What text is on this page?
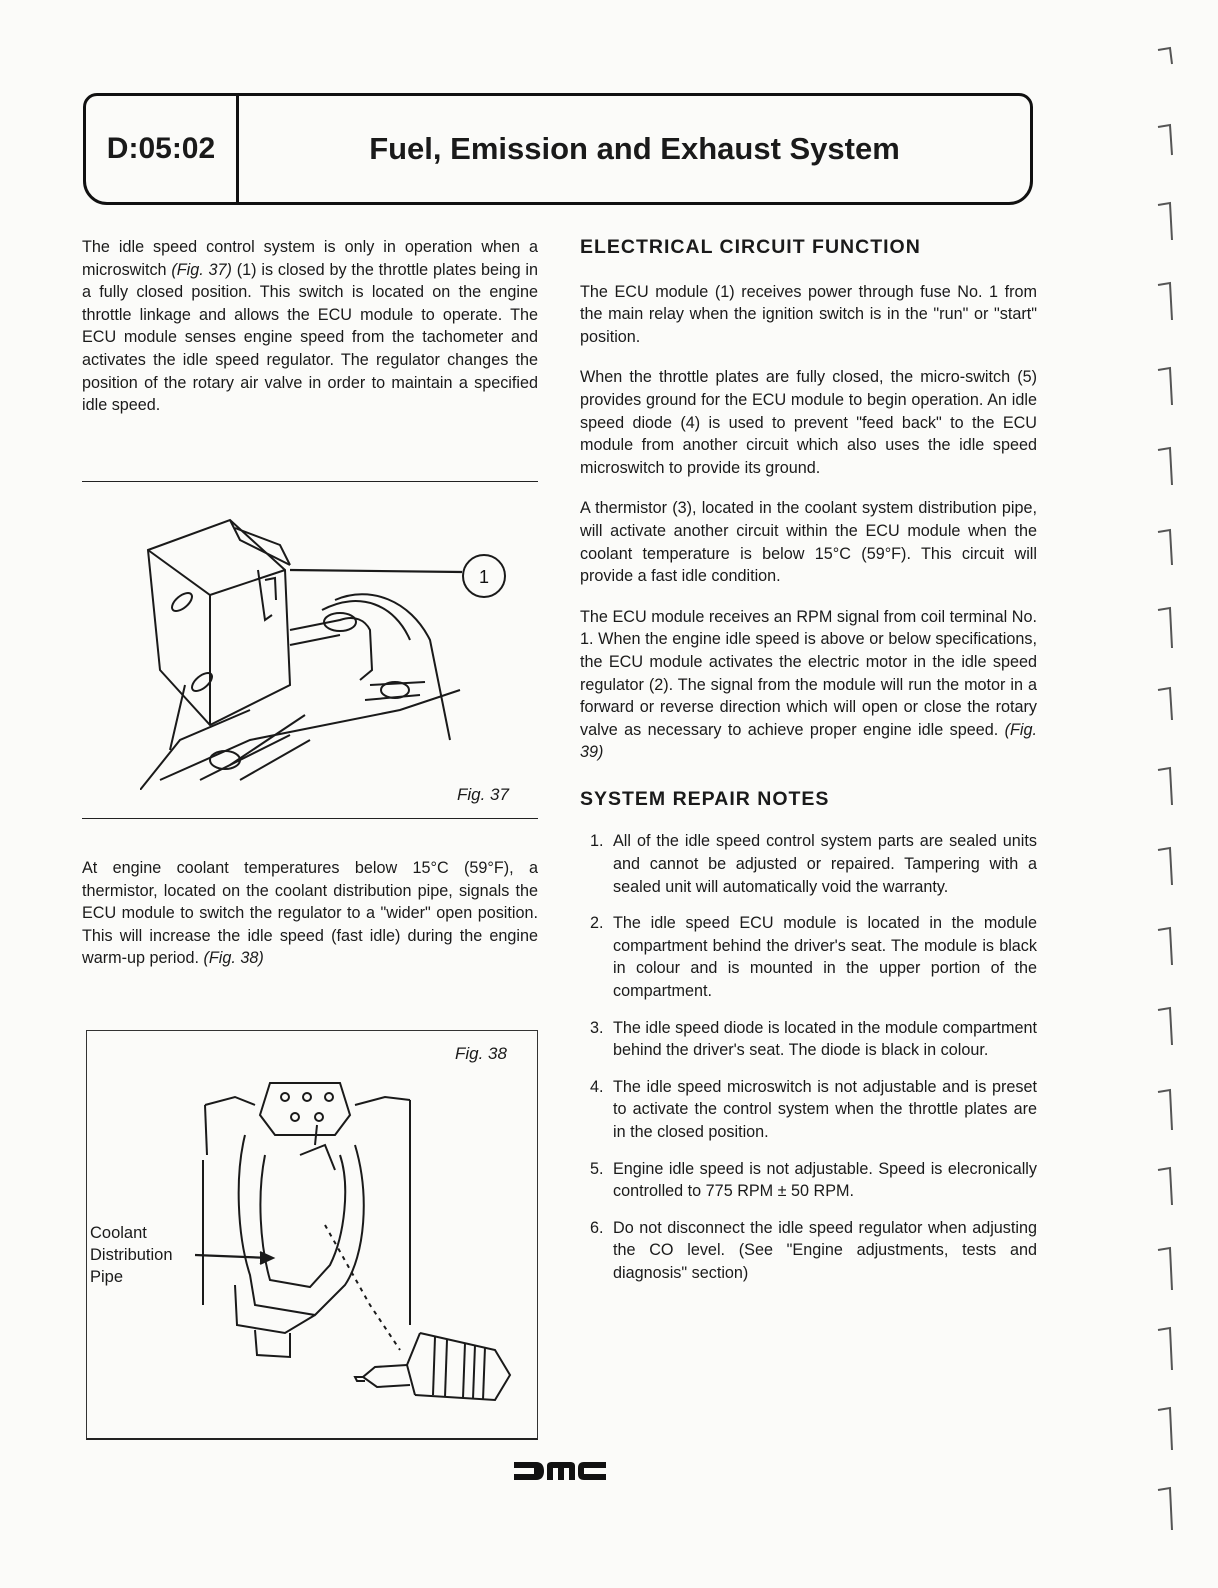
D:05:02	Fuel, Emission and Exhaust System

The idle speed control system is only in operation when a microswitch (Fig. 37) (1) is closed by the throttle plates being in a fully closed position. This switch is located on the engine throttle linkage and allows the ECU module to operate. The ECU module senses engine speed from the tachometer and activates the idle speed regulator. The regulator changes the position of the rotary air valve in order to maintain a specified idle speed.

1
Fig. 37

At engine coolant temperatures below 15°C (59°F), a thermistor, located on the coolant distribution pipe, signals the ECU module to switch the regulator to a "wider" open position. This will increase the idle speed (fast idle) during the engine warm-up period. (Fig. 38)

Fig. 38
Coolant
Distribution
Pipe
ELECTRICAL CIRCUIT FUNCTION

The ECU module (1) receives power through fuse No. 1 from the main relay when the ignition switch is in the "run" or "start" position.

When the throttle plates are fully closed, the micro-switch (5) provides ground for the ECU module to begin operation. An idle speed diode (4) is used to prevent "feed back" to the ECU module from another circuit which also uses the idle speed microswitch to provide its ground.

A thermistor (3), located in the coolant system distribution pipe, will activate another circuit within the ECU module when the coolant temperature is below 15°C (59°F). This circuit will provide a fast idle condition.

The ECU module receives an RPM signal from coil terminal No. 1. When the engine idle speed is above or below specifications, the ECU module activates the electric motor in the idle speed regulator (2). The signal from the module will run the motor in a forward or reverse direction which will open or close the rotary valve as necessary to achieve proper engine idle speed. (Fig. 39)

SYSTEM REPAIR NOTES
1. All of the idle speed control system parts are sealed units and cannot be adjusted or repaired. Tampering with a sealed unit will automatically void the warranty.
2. The idle speed ECU module is located in the module compartment behind the driver's seat. The module is black in colour and is mounted in the upper portion of the compartment.
3. The idle speed diode is located in the module compartment behind the driver's seat. The diode is black in colour.
4. The idle speed microswitch is not adjustable and is preset to activate the control system when the throttle plates are in the closed position.
5. Engine idle speed is not adjustable. Speed is elecronically controlled to 775 RPM ± 50 RPM.
6. Do not disconnect the idle speed regulator when adjusting the CO level. (See "Engine adjustments, tests and diagnosis" section)
